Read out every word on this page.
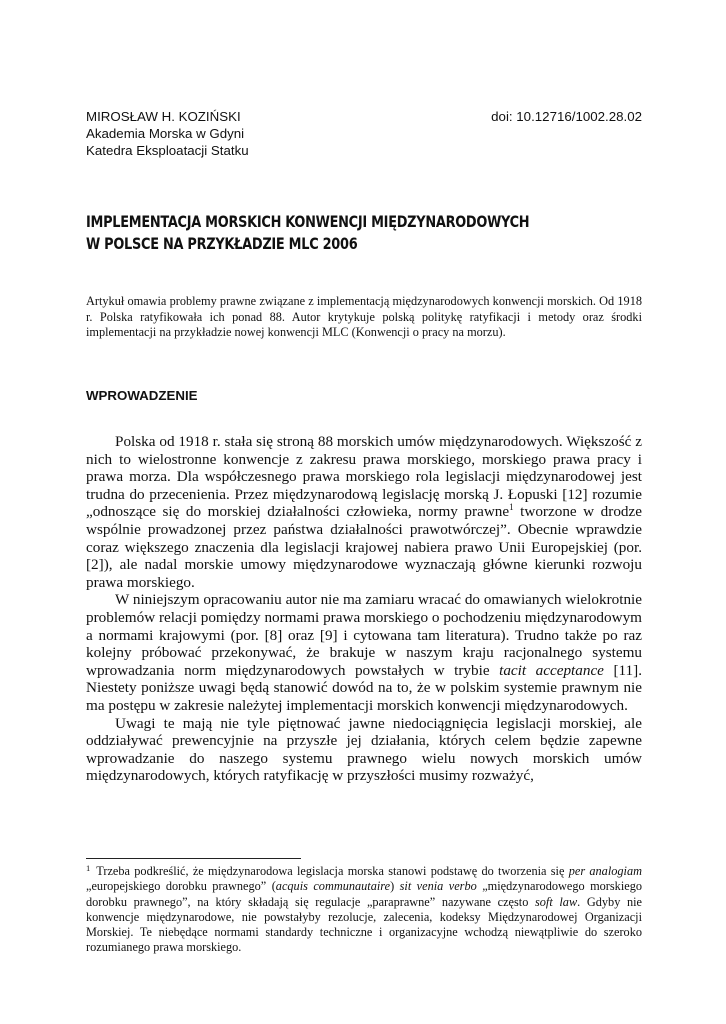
MIROSŁAW H. KOZIŃSKI	doi: 10.12716/1002.28.02
Akademia Morska w Gdyni
Katedra Eksploatacji Statku
IMPLEMENTACJA MORSKICH KONWENCJI MIĘDZYNARODOWYCH
W POLSCE NA PRZYKŁADZIE MLC 2006
Artykuł omawia problemy prawne związane z implementacją międzynarodowych konwencji morskich. Od 1918 r. Polska ratyfikowała ich ponad 88. Autor krytykuje polską politykę ratyfikacji i metody oraz środki implementacji na przykładzie nowej konwencji MLC (Konwencji o pracy na morzu).
WPROWADZENIE

Polska od 1918 r. stała się stroną 88 morskich umów międzynarodowych. Większość z nich to wielostronne konwencje z zakresu prawa morskiego, morskiego prawa pracy i prawa morza. Dla współczesnego prawa morskiego rola legislacji międzynarodowej jest trudna do przecenienia. Przez międzynarodową legislację morską J. Łopuski [12] rozumie „odnoszące się do morskiej działalności człowieka, normy prawne$^1$ tworzone w drodze wspólnie prowadzonej przez państwa działalności prawotwórczej”. Obecnie wprawdzie coraz większego znaczenia dla legislacji krajowej nabiera prawo Unii Europejskiej (por. [2]), ale nadal morskie umowy międzynarodowe wyznaczają główne kierunki rozwoju prawa morskiego.

W niniejszym opracowaniu autor nie ma zamiaru wracać do omawianych wielokrotnie problemów relacji pomiędzy normami prawa morskiego o pochodzeniu międzynarodowym a normami krajowymi (por. [8] oraz [9] i cytowana tam literatura). Trudno także po raz kolejny próbować przekonywać, że brakuje w naszym kraju racjonalnego systemu wprowadzania norm międzynarodowych powstałych w trybie tacit acceptance [11]. Niestety poniższe uwagi będą stanowić dowód na to, że w polskim systemie prawnym nie ma postępu w zakresie należytej implementacji morskich konwencji międzynarodowych.

Uwagi te mają nie tyle piętnować jawne niedociągnięcia legislacji morskiej, ale oddziaływać prewencyjnie na przyszłe jej działania, których celem będzie zapewne wprowadzanie do naszego systemu prawnego wielu nowych morskich umów międzynarodowych, których ratyfikację w przyszłości musimy rozważyć,

$^1$ Trzeba podkreślić, że międzynarodowa legislacja morska stanowi podstawę do tworzenia się per analogiam „europejskiego dorobku prawnego” (acquis communautaire) sit venia verbo „międzynarodowego morskiego dorobku prawnego”, na który składają się regulacje „paraprawne” nazywane często soft law. Gdyby nie konwencje międzynarodowe, nie powstałyby rezolucje, zalecenia, kodeksy Międzynarodowej Organizacji Morskiej. Te niebędące normami standardy techniczne i organizacyjne wchodzą niewątpliwie do szeroko rozumianego prawa morskiego.
